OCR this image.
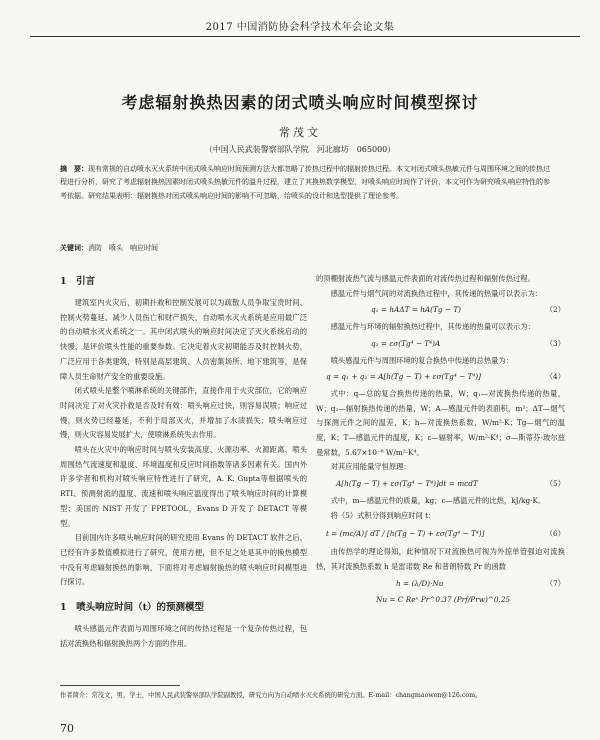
2017 中国消防协会科学技术年会论文集
考虑辐射换热因素的闭式喷头响应时间模型探讨
常茂文
（中国人民武装警察部队学院　河北廊坊　065000）
摘　要：现有常规的自动喷水灭火系统中闭式喷头响应时间预测方法大都忽略了传热过程中的辐射传热过程。本文对闭式喷头热敏元件与周围环境之间的传热过程进行分析，研究了考虑辐射换热因素时闭式喷头热敏元件的温升过程，建立了其换热数学模型，对喷头响应时间作了评价，本文可作为研究喷头响应特性的参考依据。研究结果表明：辐射换热对闭式喷头响应时间的影响不可忽略，给喷头的设计和选型提供了理论参考。
关键词：消防　喷头　响应时间
1　引言

建筑室内火灾后，初期扑救和控制发展可以为疏散人员争取宝贵时间、控制火势蔓延、减少人员伤亡和财产损失，自动喷水灭火系统是应用最广泛的自动喷水灭火系统之一。其中闭式喷头的响应时间决定了灭火系统启动的快慢，是评价喷头性能的重要参数。它决定着火灾初期能否及时控制火势，广泛应用于各类建筑，特别是高层建筑、人员密集场所、地下建筑等，是保障人员生命财产安全的重要设施。

闭式喷头是整个喷淋系统的关键部件，直接作用于火灾部位，它的响应时间决定了对火灾扑救是否及时有效：喷头响应过快，则容易误喷；响应过慢，则火势已经蔓延，不利于局部灭火，并增加了水渍损失；喷头响应过慢，则火灾容易发展扩大，使喷淋系统失去作用。

喷头在火灾中的响应时间与喷头安装高度、火源功率、火源距离、喷头周围热气流速度和温度、环境温度和反应时间指数等诸多因素有关。国内外许多学者和机构对喷头响应特性进行了研究，A. K. Gupta等根据喷头的RTI、预测射流的温度、流速和喷头响应温度得出了喷头响应时间的计算模型；美国的 NIST 开发了 FPETOOL，Evans D 开发了 DETACT 等模型。

目前国内许多喷头响应时间的研究使用 Evans 的 DETACT 软件之后，已经有许多数值模拟进行了研究，使用方便，但不足之处是其中的换热模型中没有考虑辐射换热的影响，下面将对考虑辐射换热的喷头响应时间模型进行探讨。

1　喷头响应时间（t）的预测模型

喷头感温元件表面与周围环境之间的传热过程是一个复杂传热过程，包括对流换热和辐射换热两个方面的作用。

的顶棚射流热气流与感温元件表面的对流传热过程和辐射传热过程。

感温元件与烟气间的对流换热过程中，其传递的热量可以表示为：

q₁ = hAΔT = hA(Tg − T)	（2）

感温元件与环境的辐射换热过程中，其传递的热量可以表示为：

q₂ = εσ(Tg⁴ − T⁴)A	（3）

喷头感温元件与周围环境的复合换热中传递的总热量为：

q = q₁ + q₂ = A[h(Tg − T) + εσ(Tg⁴ − T⁴)]	（4）

式中：q—总的复合换热传递的热量，W；q₁—对流换热传递的热量，W；q₂—辐射换热传递的热量，W；A—感温元件的表面积，m²；ΔT—烟气与探测元件之间的温差，K；h—对流换热系数，W/m²·K；Tg—烟气的温度，K；T—感温元件的温度，K；ε—辐射率，W/m²·K⁴；σ—斯蒂芬-玻尔兹曼常数，5.67×10⁻⁸ W/m²·K⁴。

对其应用能量守恒原理：

A[h(Tg − T) + εσ(Tg⁴ − T⁴)]dt = mcdT	（5）

式中，m—感温元件的质量，kg；c—感温元件的比热，kJ/kg·K。

将（5）式积分得到响应时间 t：

t = (mc/A)∫ dT / [h(Tg − T) + εσ(Tg⁴ − T⁴)]	（6）

由传热学的理论得知，此种情况下对流换热可视为外掠单管强迫对流换热，其对流换热系数 h 是雷诺数 Re 和普朗特数 Pr 的函数

h = (λ/D)·Nu	（7）
Nu = C Reⁿ Pr^0.37 (Prf/Prw)^0.25
作者简介：常茂文，男，学士，中国人民武装警察部队学院副教授，研究方向为自动喷水灭火系统的研究方面。E-mail：changmaowen@126.com。
70
